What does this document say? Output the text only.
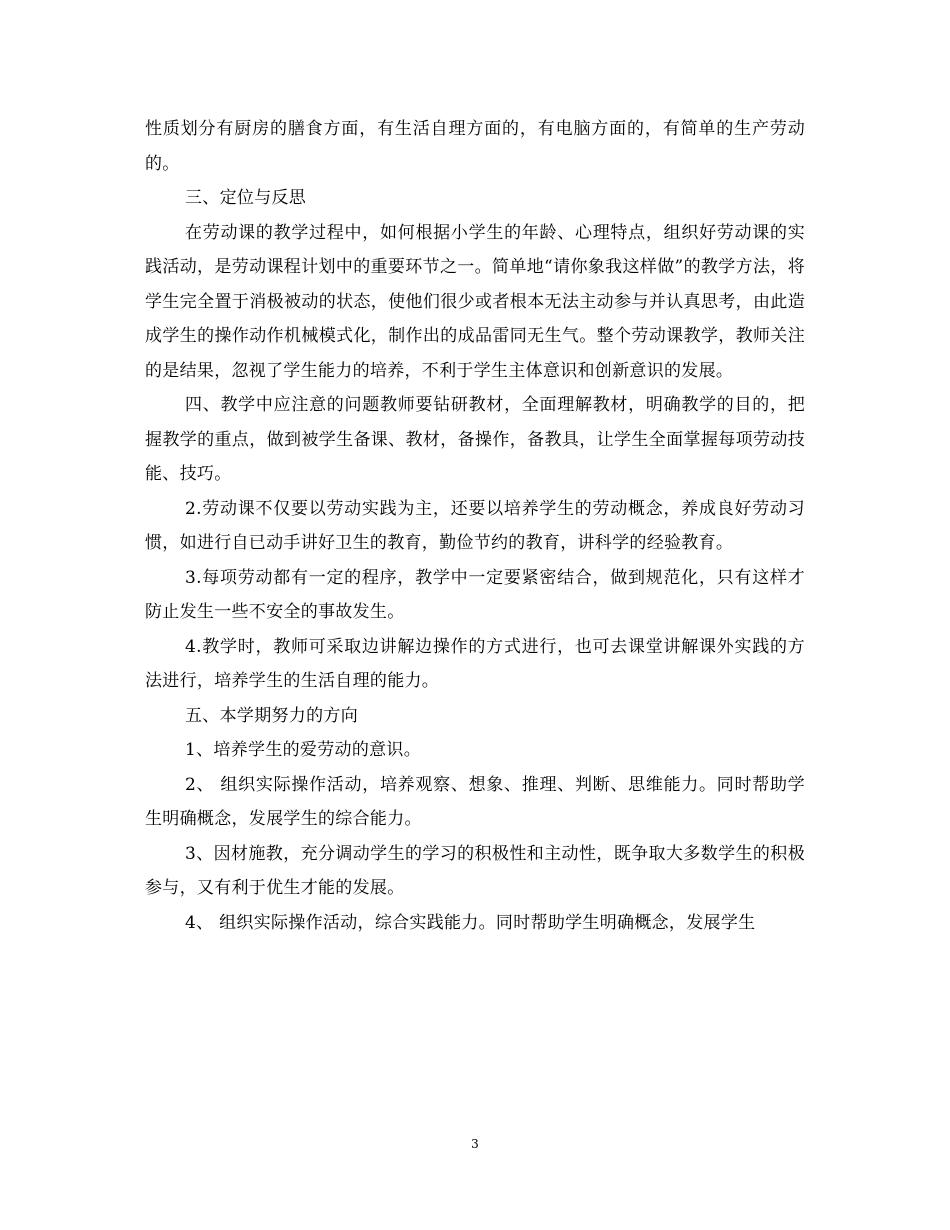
性质划分有厨房的膳食方面，有生活自理方面的，有电脑方面的，有简单的生产劳动的。

三、定位与反思

在劳动课的教学过程中，如何根据小学生的年龄、心理特点，组织好劳动课的实践活动，是劳动课程计划中的重要环节之一。简单地“请你象我这样做”的教学方法，将学生完全置于消极被动的状态，使他们很少或者根本无法主动参与并认真思考，由此造成学生的操作动作机械模式化，制作出的成品雷同无生气。整个劳动课教学，教师关注的是结果，忽视了学生能力的培养，不利于学生主体意识和创新意识的发展。

四、教学中应注意的问题教师要钻研教材，全面理解教材，明确教学的目的，把握教学的重点，做到被学生备课、教材，备操作，备教具，让学生全面掌握每项劳动技能、技巧。

2.劳动课不仅要以劳动实践为主，还要以培养学生的劳动概念，养成良好劳动习惯，如进行自已动手讲好卫生的教育，勤俭节约的教育，讲科学的经验教育。

3.每项劳动都有一定的程序，教学中一定要紧密结合，做到规范化，只有这样才防止发生一些不安全的事故发生。

4.教学时，教师可采取边讲解边操作的方式进行，也可去课堂讲解课外实践的方法进行，培养学生的生活自理的能力。

五、本学期努力的方向

1、培养学生的爱劳动的意识。

2、 组织实际操作活动，培养观察、想象、推理、判断、思维能力。同时帮助学生明确概念，发展学生的综合能力。

3、因材施教，充分调动学生的学习的积极性和主动性，既争取大多数学生的积极参与，又有利于优生才能的发展。

4、 组织实际操作活动，综合实践能力。同时帮助学生明确概念，发展学生

3
